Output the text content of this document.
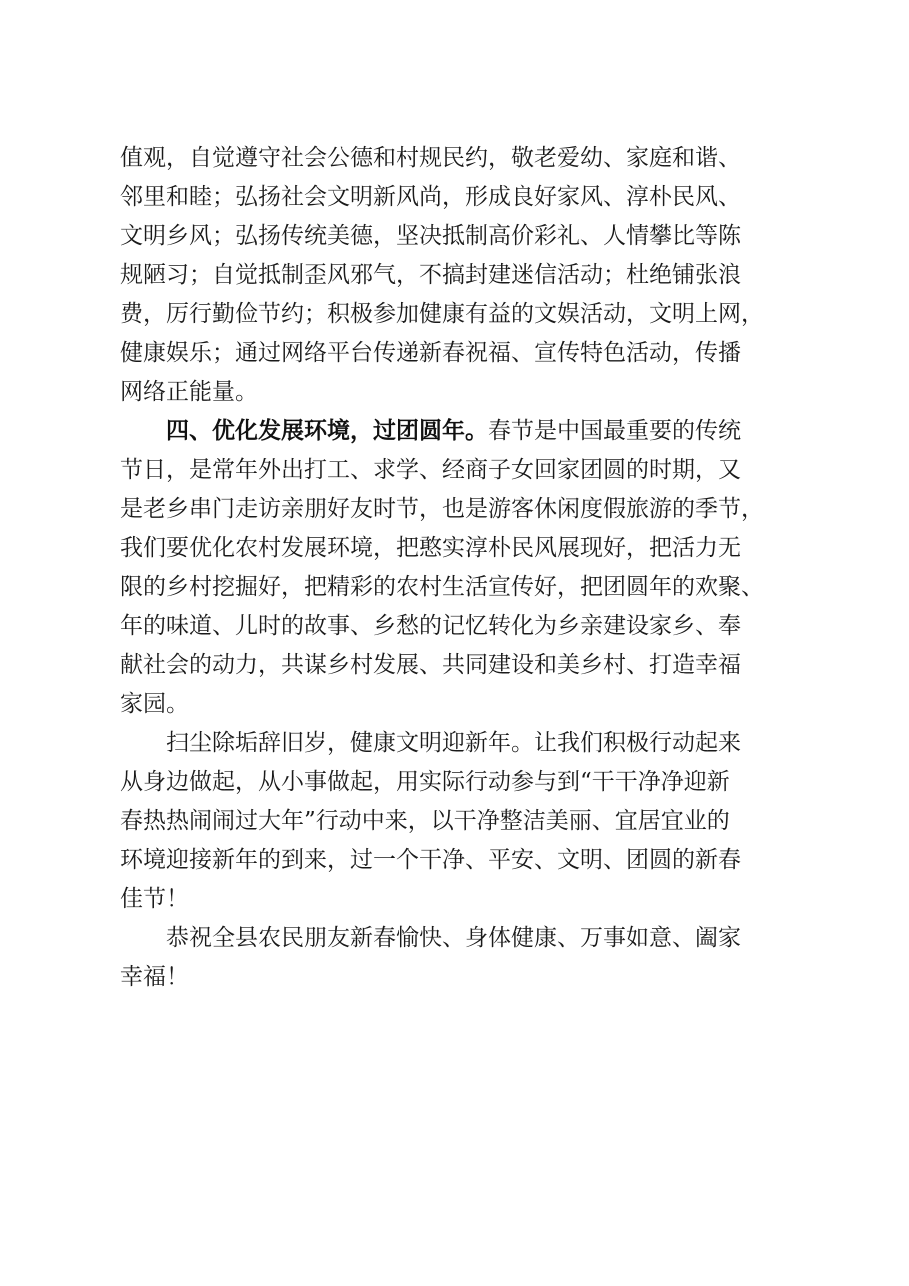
值观，自觉遵守社会公德和村规民约，敬老爱幼、家庭和谐、
邻里和睦；弘扬社会文明新风尚，形成良好家风、淳朴民风、
文明乡风；弘扬传统美德，坚决抵制高价彩礼、人情攀比等陈
规陋习；自觉抵制歪风邪气，不搞封建迷信活动；杜绝铺张浪
费，厉行勤俭节约；积极参加健康有益的文娱活动，文明上网，
健康娱乐；通过网络平台传递新春祝福、宣传特色活动，传播
网络正能量。
四、优化发展环境，过团圆年。春节是中国最重要的传统
节日，是常年外出打工、求学、经商子女回家团圆的时期，又
是老乡串门走访亲朋好友时节，也是游客休闲度假旅游的季节，
我们要优化农村发展环境，把憨实淳朴民风展现好，把活力无
限的乡村挖掘好，把精彩的农村生活宣传好，把团圆年的欢聚、
年的味道、儿时的故事、乡愁的记忆转化为乡亲建设家乡、奉
献社会的动力，共谋乡村发展、共同建设和美乡村、打造幸福
家园。
扫尘除垢辞旧岁，健康文明迎新年。让我们积极行动起来
从身边做起，从小事做起，用实际行动参与到“干干净净迎新
春热热闹闹过大年”行动中来，以干净整洁美丽、宜居宜业的
环境迎接新年的到来，过一个干净、平安、文明、团圆的新春
佳节！
恭祝全县农民朋友新春愉快、身体健康、万事如意、阖家
幸福！
